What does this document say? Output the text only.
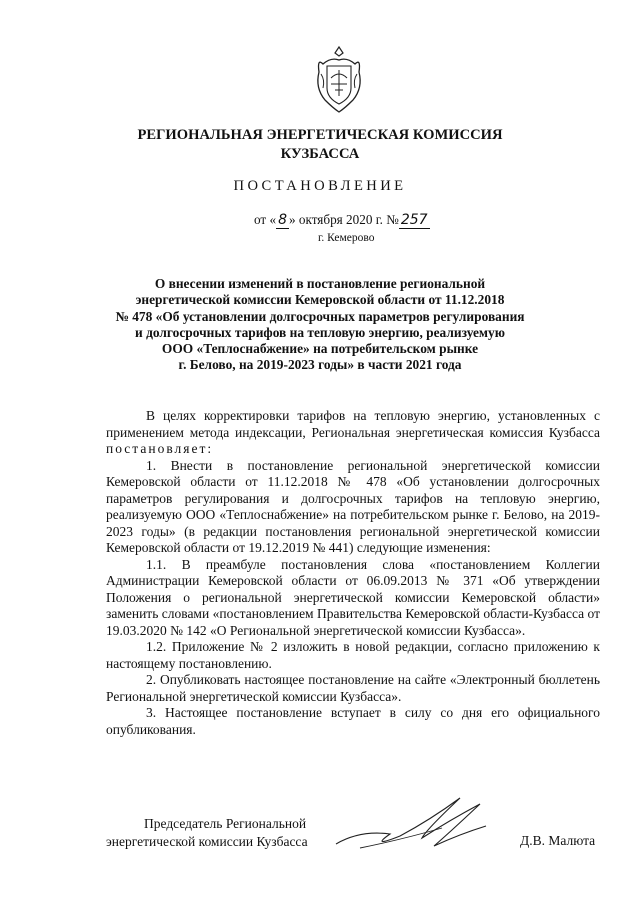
РЕГИОНАЛЬНАЯ ЭНЕРГЕТИЧЕСКАЯ КОМИССИЯ
КУЗБАССА
ПОСТАНОВЛЕНИЕ
от « 8 » октября 2020 г. № 257
г. Кемерово
О внесении изменений в постановление региональной
энергетической комиссии Кемеровской области от 11.12.2018
№ 478 «Об установлении долгосрочных параметров регулирования
и долгосрочных тарифов на тепловую энергию, реализуемую
ООО «Теплоснабжение» на потребительском рынке
г. Белово, на 2019-2023 годы» в части 2021 года

В целях корректировки тарифов на тепловую энергию, установленных с применением метода индексации, Региональная энергетическая комиссия Кузбасса постановляет:

1. Внести в постановление региональной энергетической комиссии Кемеровской области от 11.12.2018 № 478 «Об установлении долгосрочных параметров регулирования и долгосрочных тарифов на тепловую энергию, реализуемую ООО «Теплоснабжение» на потребительском рынке г. Белово, на 2019-2023 годы» (в редакции постановления региональной энергетической комиссии Кемеровской области от 19.12.2019 № 441) следующие изменения:

1.1. В преамбуле постановления слова «постановлением Коллегии Администрации Кемеровской области от 06.09.2013 № 371 «Об утверждении Положения о региональной энергетической комиссии Кемеровской области» заменить словами «постановлением Правительства Кемеровской области-Кузбасса от 19.03.2020 № 142 «О Региональной энергетической комиссии Кузбасса».

1.2. Приложение № 2 изложить в новой редакции, согласно приложению к настоящему постановлению.

2. Опубликовать настоящее постановление на сайте «Электронный бюллетень Региональной энергетической комиссии Кузбасса».

3. Настоящее постановление вступает в силу со дня его официального опубликования.

Председатель Региональной
энергетической комиссии Кузбасса	Д.В. Малюта
